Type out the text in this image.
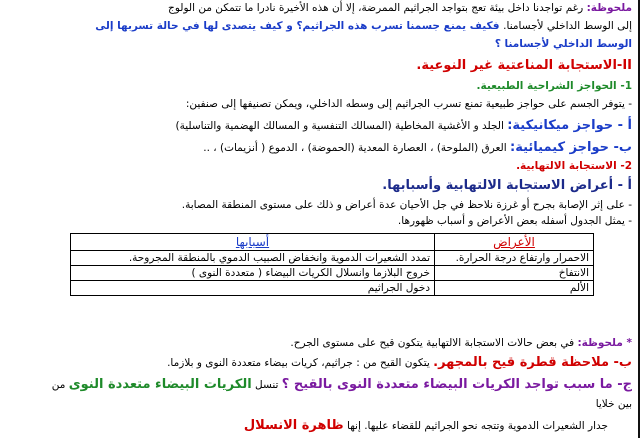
ملحوظة: رغم تواجدنا داخل بيئة تعج بتواجد الجراثيم الممرضة، إلا أن هذه الأخيرة نادرا ما تتمكن من الولوج
إلى الوسط الداخلي لأجسامنا. فكيف يمنع جسمنا تسرب هذه الجراثيم؟ و كيف يتصدى لها في حالة تسربها إلى
الوسط الداخلي لأجسامنا ؟
II-الاستجابة المناعتية غير النوعية.
1- الحواجز الشراحية الطبيعية.
- يتوفر الجسم على حواجز طبيعية تمنع تسرب الجراثيم إلى وسطه الداخلي، ويمكن تصنيفها إلى صنفين:
أ - حواجز ميكانيكية: الجلد و الأغشية المخاطية (المسالك التنفسية و المسالك الهضمية والتناسلية)
ب- حواجز كيميائية: العرق (الملوحة) ، العصارة المعدية (الحموضة) ، الدموع ( أنزيمات) ، ..
2- الاستجابة الالتهابية.
أ - أعراض الاستجابة الالتهابية وأسبابها.
- على إثر الإصابة بجرح أو غرزة نلاحظ في جل الأحيان عدة أعراض و ذلك على مستوى المنطقة المصابة.
- يمثل الجدول أسفله بعض الأعراض و أسباب ظهورها.
الأعراض	أسبابها
الاحمرار وارتفاع درجة الحرارة.	تمدد الشعيرات الدموية وانخفاض الصبيب الدموي بالمنطقة المجروحة.
الانتفاخ	خروج البلازما وانسلال الكريات البيضاء ( متعددة النوى )
الألم	دخول الجراثيم
* ملحوظة: في بعض حالات الاستجابة الالتهابية يتكون قيح على مستوى الجرح.
ب- ملاحظة قطرة قيح بالمجهر. يتكون القيح من : جراثيم، كريات بيضاء متعددة النوى و بلازما.
ج- ما سبب تواجد الكريات البيضاء متعددة النوى بالقيح ؟ تنسل الكريات البيضاء متعددة النوى من
بين خلايا
جدار الشعيرات الدموية وتتجه نحو الجراثيم للقضاء عليها. إنها ظاهرة الانسلال
